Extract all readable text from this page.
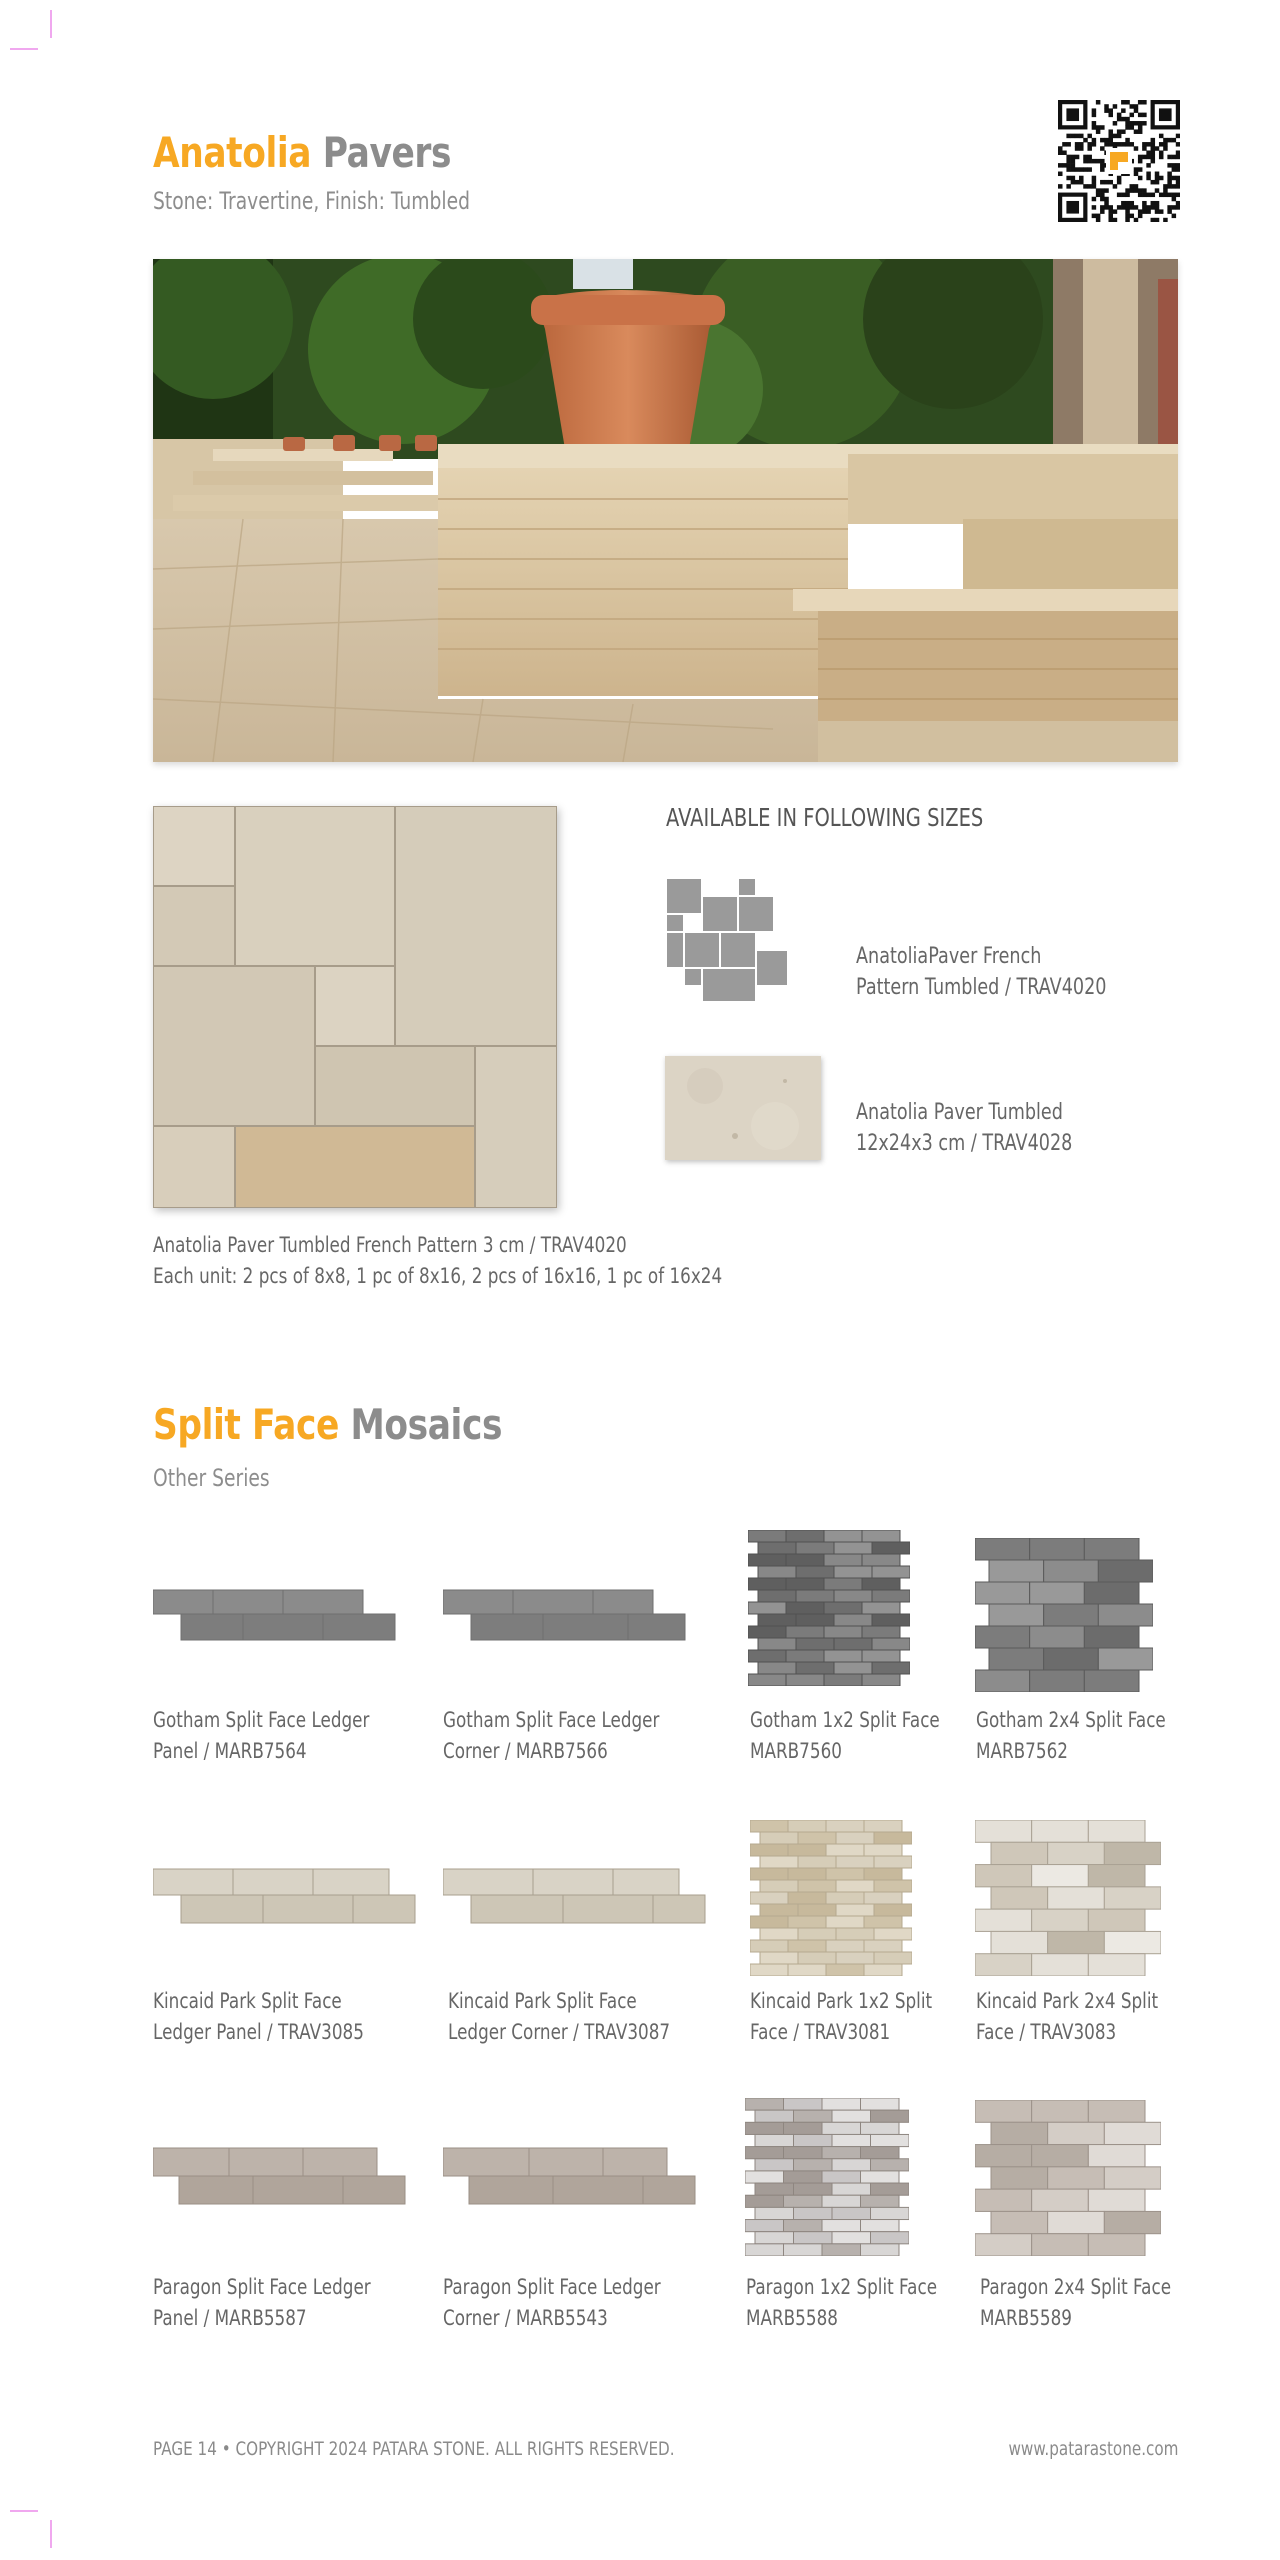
Anatolia Pavers
Stone: Travertine, Finish: Tumbled
Anatolia Paver Tumbled French Pattern 3 cm / TRAV4020
Each unit: 2 pcs of 8x8, 1 pc of 8x16, 2 pcs of 16x16, 1 pc of 16x24
AVAILABLE IN FOLLOWING SIZES
AnatoliaPaver French
Pattern Tumbled / TRAV4020
Anatolia Paver Tumbled
12x24x3 cm / TRAV4028
Split Face Mosaics
Other Series
Gotham Split Face Ledger
Panel / MARB7564
Gotham Split Face Ledger
Corner / MARB7566
Gotham 1x2 Split Face
MARB7560
Gotham 2x4 Split Face
MARB7562
Kincaid Park Split Face
Ledger Panel / TRAV3085
Kincaid Park Split Face
Ledger Corner / TRAV3087
Kincaid Park 1x2 Split
Face / TRAV3081
Kincaid Park 2x4 Split
Face / TRAV3083
Paragon Split Face Ledger
Panel / MARB5587
Paragon Split Face Ledger
Corner / MARB5543
Paragon 1x2 Split Face
MARB5588
Paragon 2x4 Split Face
MARB5589
PAGE 14 • COPYRIGHT 2024 PATARA STONE. ALL RIGHTS RESERVED.	www.patarastone.com
